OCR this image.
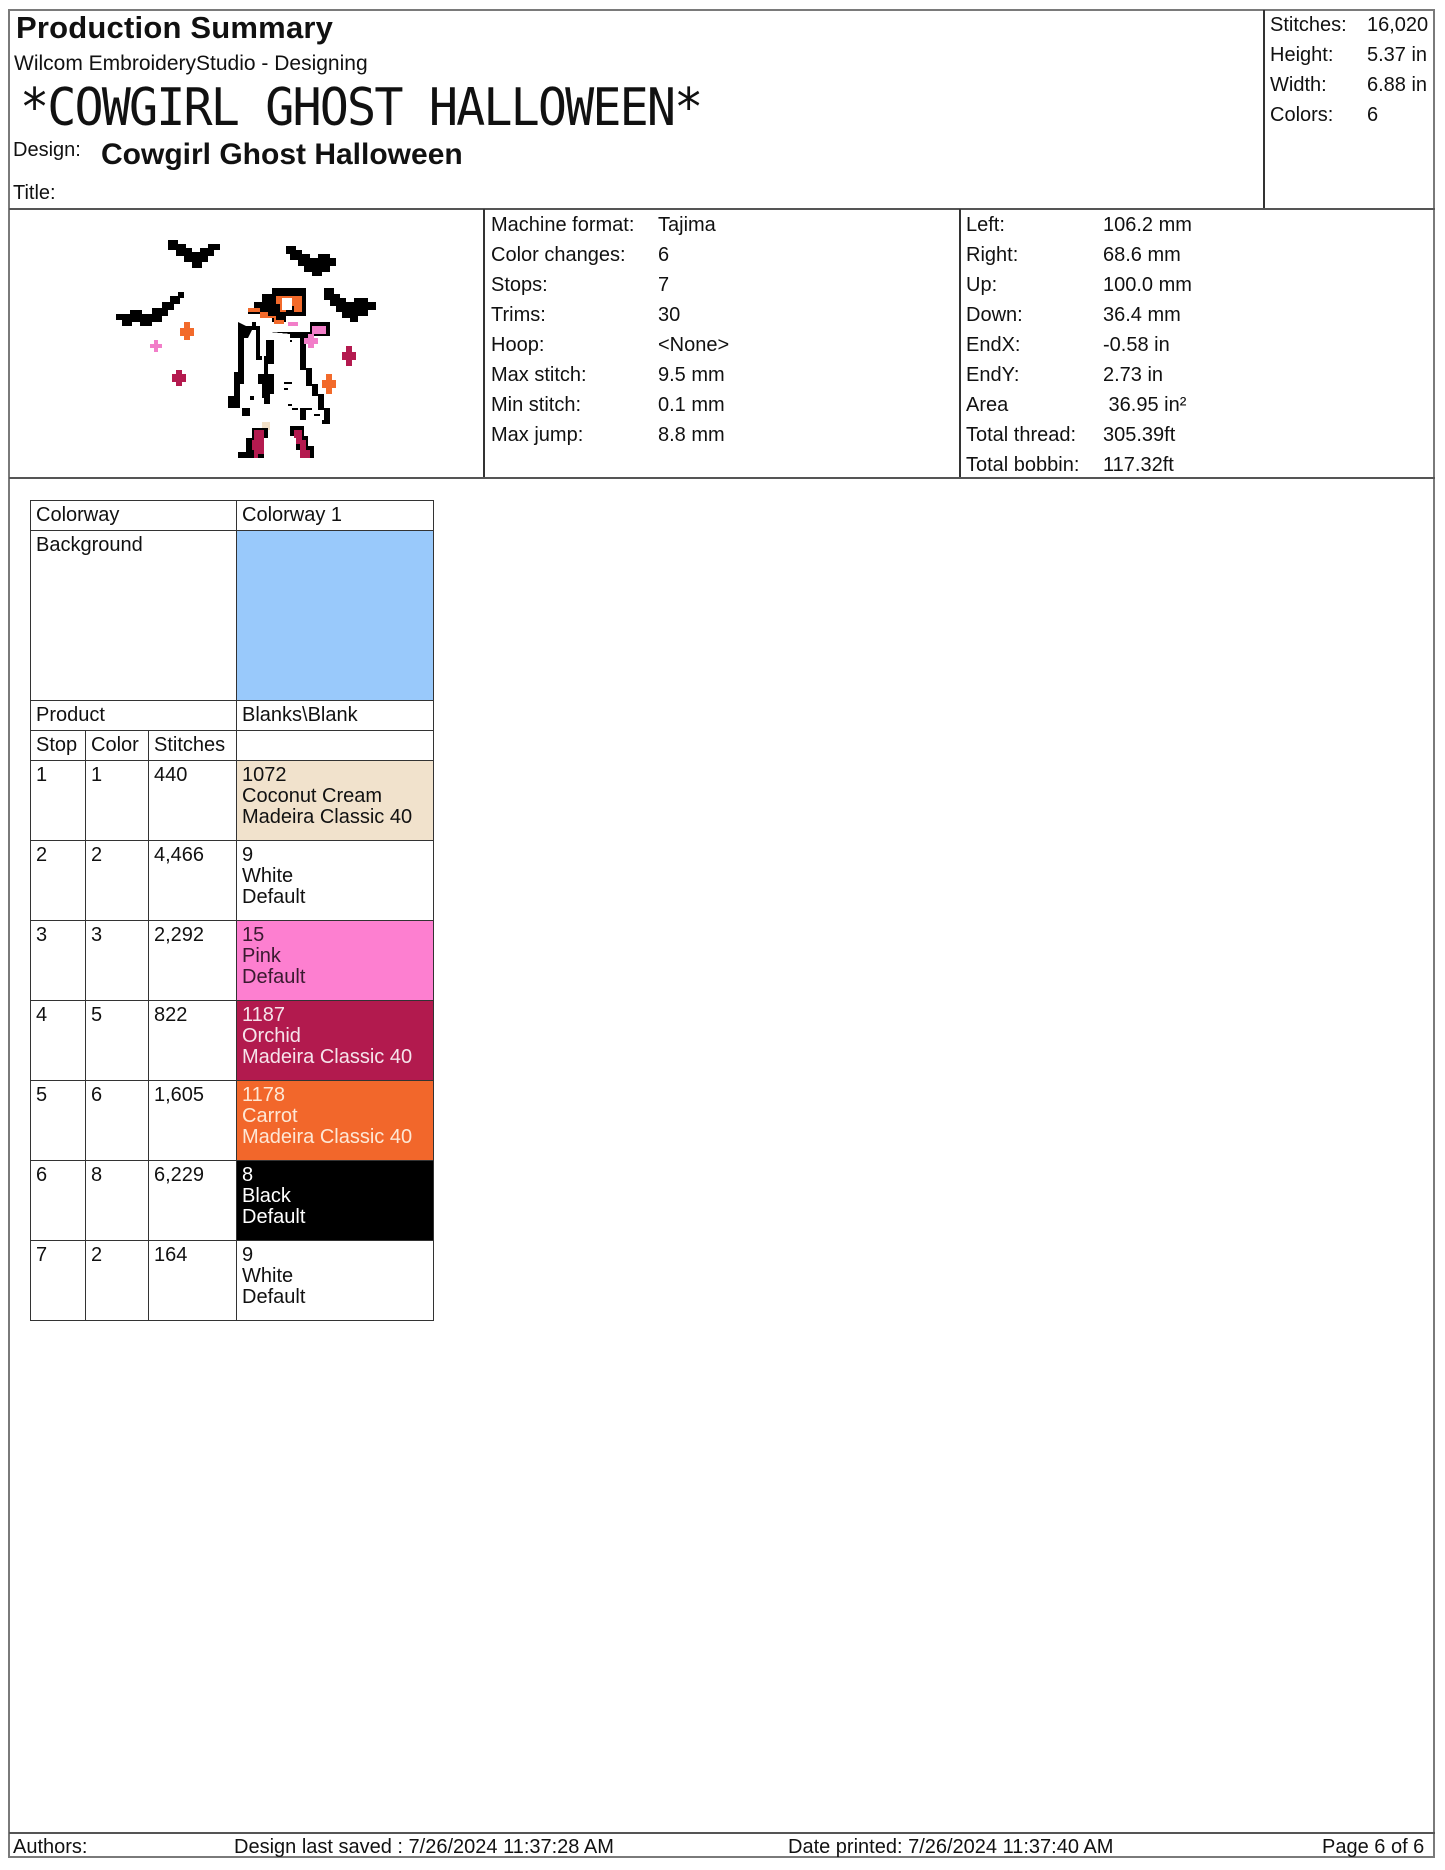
Production Summary
Wilcom EmbroideryStudio - Designing
*COWGIRL GHOST HALLOWEEN*
Design: Cowgirl Ghost Halloween
Title:
Stitches:	16,020
Height:	5.37 in
Width:	6.88 in
Colors:	6
Machine format:	Tajima
Color changes:	6
Stops:	7
Trims:	30
Hoop:	<None>
Max stitch:	9.5 mm
Min stitch:	0.1 mm
Max jump:	8.8 mm
Left:	106.2 mm
Right:	68.6 mm
Up:	100.0 mm
Down:	36.4 mm
EndX:	-0.58 in
EndY:	2.73 in
Area	36.95 in²
Total thread:	305.39ft
Total bobbin:	117.32ft
Colorway			Colorway 1
Background			
Product			Blanks\Blank
Stop	Color	Stitches	
1	1	440	1072
Coconut Cream
Madeira Classic 40

2	2	4,466	9
White
Default

3	3	2,292	15
Pink
Default

4	5	822	1187
Orchid
Madeira Classic 40

5	6	1,605	1178
Carrot
Madeira Classic 40

6	8	6,229	8
Black
Default

7	2	164	9
White
Default
Authors:	Design last saved : 7/26/2024 11:37:28 AM	Date printed: 7/26/2024 11:37:40 AM	Page 6 of 6
